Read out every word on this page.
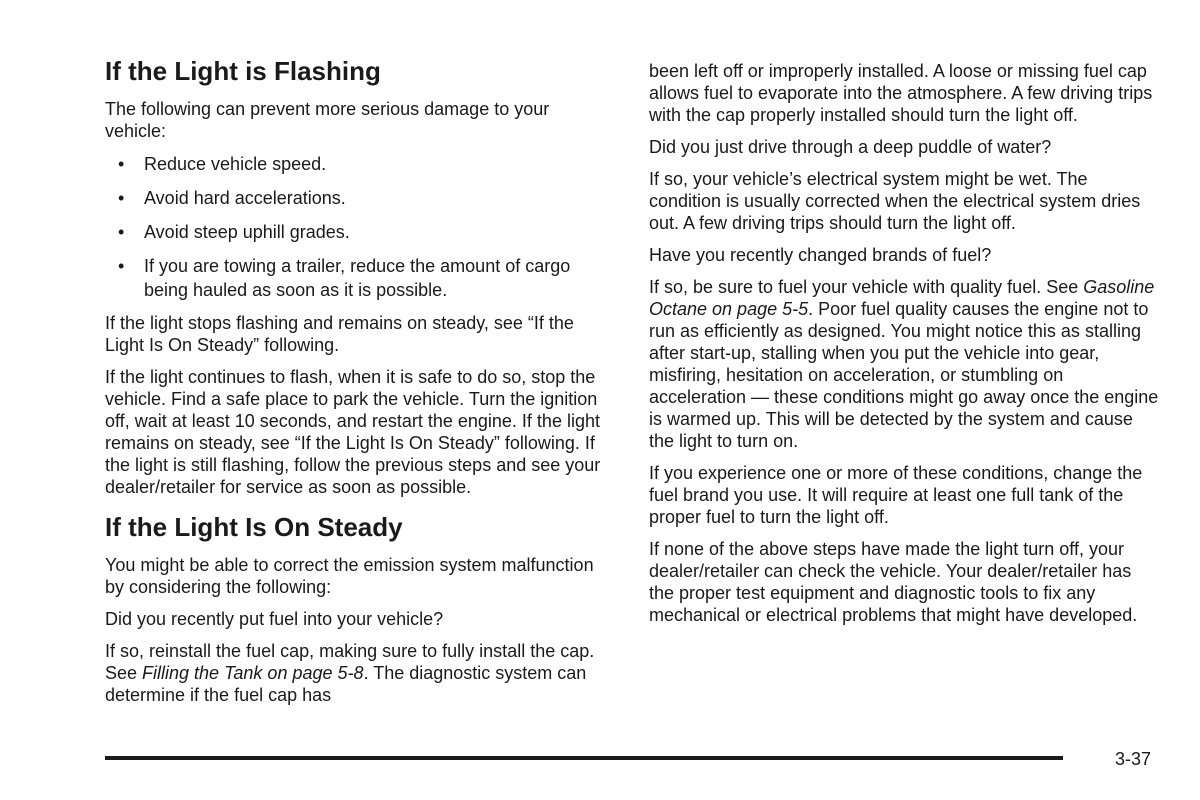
If the Light is Flashing

The following can prevent more serious damage to your vehicle:

• Reduce vehicle speed.
• Avoid hard accelerations.
• Avoid steep uphill grades.
• If you are towing a trailer, reduce the amount of cargo being hauled as soon as it is possible.

If the light stops flashing and remains on steady, see “If the Light Is On Steady” following.

If the light continues to flash, when it is safe to do so, stop the vehicle. Find a safe place to park the vehicle. Turn the ignition off, wait at least 10 seconds, and restart the engine. If the light remains on steady, see “If the Light Is On Steady” following. If the light is still flashing, follow the previous steps and see your dealer/retailer for service as soon as possible.

If the Light Is On Steady

You might be able to correct the emission system malfunction by considering the following:

Did you recently put fuel into your vehicle?

If so, reinstall the fuel cap, making sure to fully install the cap. See Filling the Tank on page 5-8. The diagnostic system can determine if the fuel cap has

been left off or improperly installed. A loose or missing fuel cap allows fuel to evaporate into the atmosphere. A few driving trips with the cap properly installed should turn the light off.

Did you just drive through a deep puddle of water?

If so, your vehicle’s electrical system might be wet. The condition is usually corrected when the electrical system dries out. A few driving trips should turn the light off.

Have you recently changed brands of fuel?

If so, be sure to fuel your vehicle with quality fuel. See Gasoline Octane on page 5-5. Poor fuel quality causes the engine not to run as efficiently as designed. You might notice this as stalling after start-up, stalling when you put the vehicle into gear, misfiring, hesitation on acceleration, or stumbling on acceleration — these conditions might go away once the engine is warmed up. This will be detected by the system and cause the light to turn on.

If you experience one or more of these conditions, change the fuel brand you use. It will require at least one full tank of the proper fuel to turn the light off.

If none of the above steps have made the light turn off, your dealer/retailer can check the vehicle. Your dealer/retailer has the proper test equipment and diagnostic tools to fix any mechanical or electrical problems that might have developed.

3-37
